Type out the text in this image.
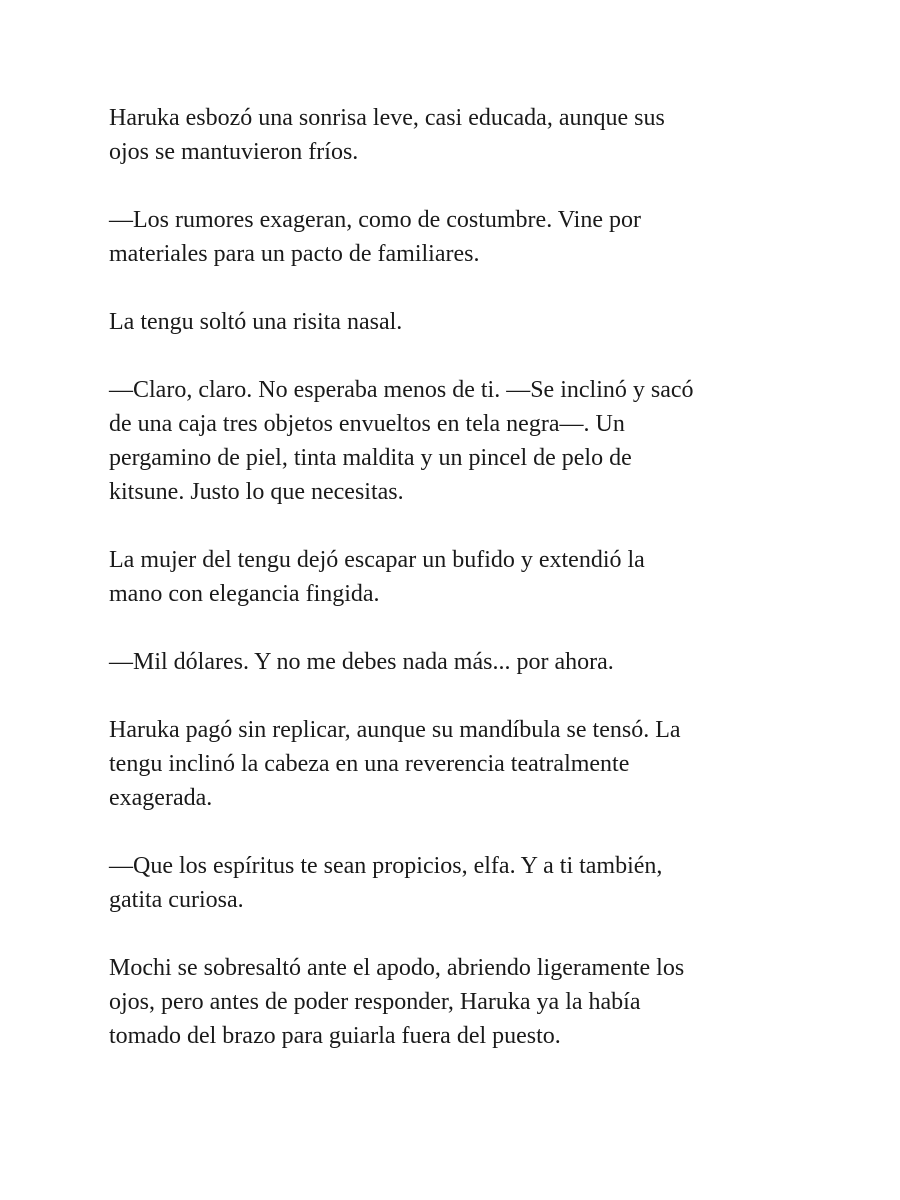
Haruka esbozó una sonrisa leve, casi educada, aunque sus
ojos se mantuvieron fríos.

—Los rumores exageran, como de costumbre. Vine por
materiales para un pacto de familiares.

La tengu soltó una risita nasal.

—Claro, claro. No esperaba menos de ti. —Se inclinó y sacó
de una caja tres objetos envueltos en tela negra—. Un
pergamino de piel, tinta maldita y un pincel de pelo de
kitsune. Justo lo que necesitas.

La mujer del tengu dejó escapar un bufido y extendió la
mano con elegancia fingida.

—Mil dólares. Y no me debes nada más... por ahora.

Haruka pagó sin replicar, aunque su mandíbula se tensó. La
tengu inclinó la cabeza en una reverencia teatralmente
exagerada.

—Que los espíritus te sean propicios, elfa. Y a ti también,
gatita curiosa.

Mochi se sobresaltó ante el apodo, abriendo ligeramente los
ojos, pero antes de poder responder, Haruka ya la había
tomado del brazo para guiarla fuera del puesto.
